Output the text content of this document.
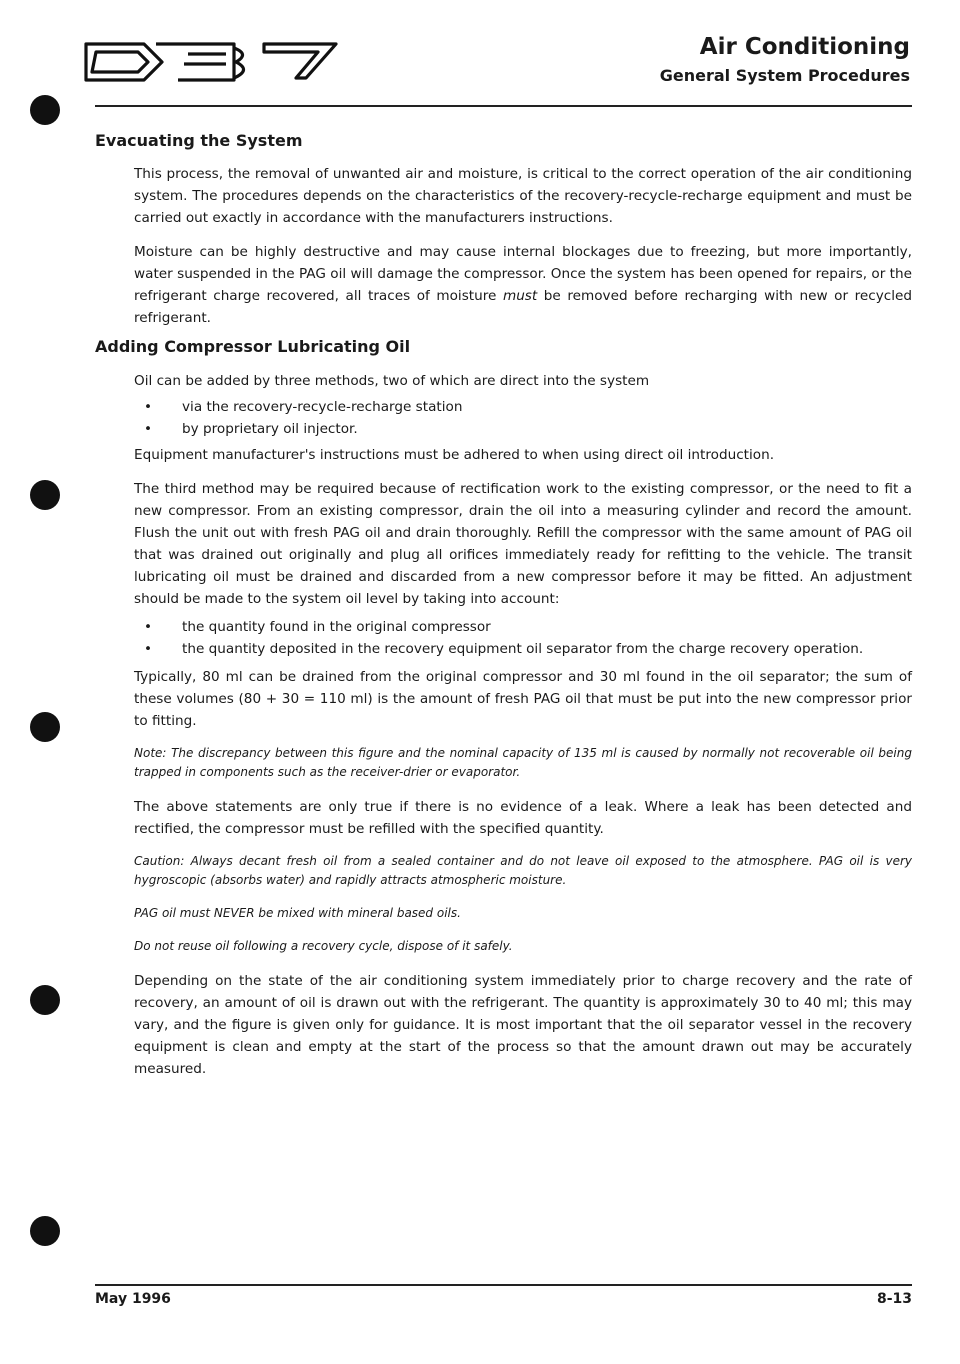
Air Conditioning
General System Procedures
Evacuating the System

This process, the removal of unwanted air and moisture, is critical to the correct operation of the air conditioning system. The procedures depends on the characteristics of the recovery-recycle-recharge equipment and must be carried out exactly in accordance with the manufacturers instructions.

Moisture can be highly destructive and may cause internal blockages due to freezing, but more importantly, water suspended in the PAG oil will damage the compressor. Once the system has been opened for repairs, or the refrigerant charge recovered, all traces of moisture must be removed before recharging with new or recycled refrigerant.

Adding Compressor Lubricating Oil

Oil can be added by three methods, two of which are direct into the system

•	via the recovery-recycle-recharge station
•	by proprietary oil injector.

Equipment manufacturer's instructions must be adhered to when using direct oil introduction.

The third method may be required because of rectification work to the existing compressor, or the need to fit a new compressor. From an existing compressor, drain the oil into a measuring cylinder and record the amount. Flush the unit out with fresh PAG oil and drain thoroughly. Refill the compressor with the same amount of PAG oil that was drained out originally and plug all orifices immediately ready for refitting to the vehicle. The transit lubricating oil must be drained and discarded from a new compressor before it may be fitted. An adjustment should be made to the system oil level by taking into account:

•	the quantity found in the original compressor
•	the quantity deposited in the recovery equipment oil separator from the charge recovery operation.

Typically, 80 ml can be drained from the original compressor and 30 ml found in the oil separator; the sum of these volumes (80 + 30 = 110 ml) is the amount of fresh PAG oil that must be put into the new compressor prior to fitting.

Note: The discrepancy between this figure and the nominal capacity of 135 ml is caused by normally not recoverable oil being trapped in components such as the receiver-drier or evaporator.

The above statements are only true if there is no evidence of a leak. Where a leak has been detected and rectified, the compressor must be refilled with the specified quantity.

Caution: Always decant fresh oil from a sealed container and do not leave oil exposed to the atmosphere. PAG oil is very hygroscopic (absorbs water) and rapidly attracts atmospheric moisture.

PAG oil must NEVER be mixed with mineral based oils.

Do not reuse oil following a recovery cycle, dispose of it safely.

Depending on the state of the air conditioning system immediately prior to charge recovery and the rate of recovery, an amount of oil is drawn out with the refrigerant. The quantity is approximately 30 to 40 ml; this may vary, and the figure is given only for guidance. It is most important that the oil separator vessel in the recovery equipment is clean and empty at the start of the process so that the amount drawn out may be accurately measured.

May 1996	8-13
